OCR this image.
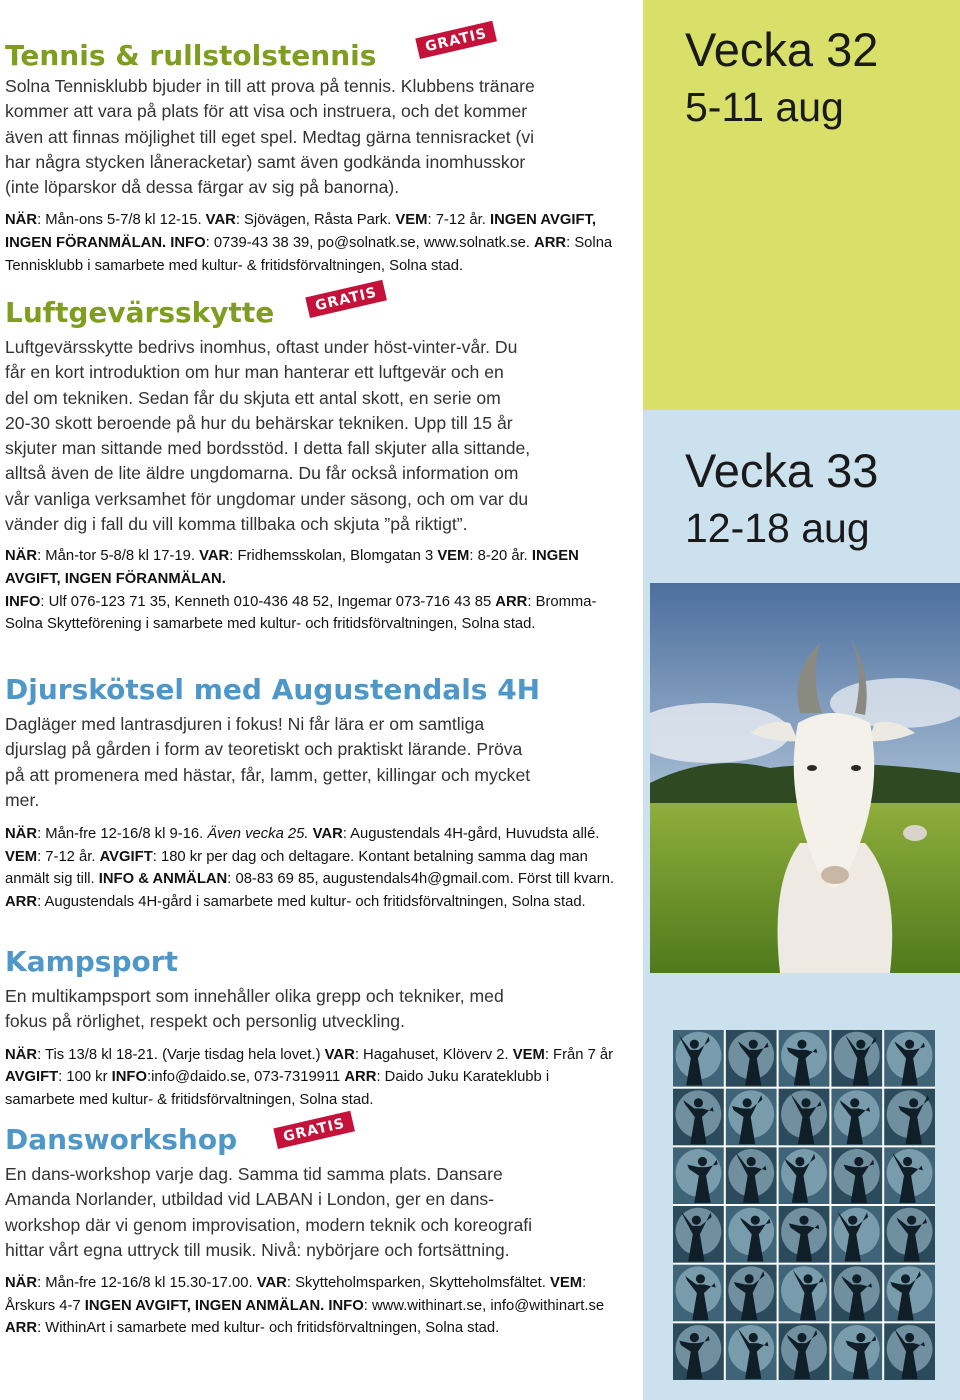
Vecka 32
5-11 aug
Vecka 33
12-18 aug
Tennis & rullstolstennis	GRATIS
Solna Tennisklubb bjuder in till att prova på tennis. Klubbens tränare
kommer att vara på plats för att visa och instruera, och det kommer
även att finnas möjlighet till eget spel. Medtag gärna tennisracket (vi
har några stycken låneracketar) samt även godkända inomhusskor
(inte löparskor då dessa färgar av sig på banorna).

NÄR: Mån-ons 5-7/8 kl 12-15. VAR: Sjövägen, Råsta Park. VEM: 7-12 år. INGEN AVGIFT, INGEN FÖRANMÄLAN. INFO: 0739-43 38 39, po@solnatk.se, www.solnatk.se. ARR: Solna Tennisklubb i samarbete med kultur- & fritidsförvaltningen, Solna stad.

Luftgevärsskytte	GRATIS
Luftgevärsskytte bedrivs inomhus, oftast under höst-vinter-vår. Du
får en kort introduktion om hur man hanterar ett luftgevär och en
del om tekniken. Sedan får du skjuta ett antal skott, en serie om
20-30 skott beroende på hur du behärskar tekniken. Upp till 15 år
skjuter man sittande med bordsstöd. I detta fall skjuter alla sittande,
alltså även de lite äldre ungdomarna. Du får också information om
vår vanliga verksamhet för ungdomar under säsong, och om var du
vänder dig i fall du vill komma tillbaka och skjuta ”på riktigt”.

NÄR: Mån-tor 5-8/8 kl 17-19. VAR: Fridhemsskolan, Blomgatan 3 VEM: 8-20 år. INGEN AVGIFT, INGEN FÖRANMÄLAN.
INFO: Ulf 076-123 71 35, Kenneth 010-436 48 52, Ingemar 073-716 43 85 ARR: Bromma-Solna Skytteförening i samarbete med kultur- och fritidsförvaltningen, Solna stad.

Djurskötsel med Augustendals 4H
Dagläger med lantrasdjuren i fokus! Ni får lära er om samtliga
djurslag på gården i form av teoretiskt och praktiskt lärande. Pröva
på att promenera med hästar, får, lamm, getter, killingar och mycket
mer.

NÄR: Mån-fre 12-16/8 kl 9-16. Även vecka 25. VAR: Augustendals 4H-gård, Huvudsta allé. VEM: 7-12 år. AVGIFT: 180 kr per dag och deltagare. Kontant betalning samma dag man anmält sig till. INFO & ANMÄLAN: 08-83 69 85, augustendals4h@gmail.com. Först till kvarn. ARR: Augustendals 4H-gård i samarbete med kultur- och fritidsförvaltningen, Solna stad.

Kampsport
En multikampsport som innehåller olika grepp och tekniker, med
fokus på rörlighet, respekt och personlig utveckling.

NÄR: Tis 13/8 kl 18-21. (Varje tisdag hela lovet.) VAR: Hagahuset, Klöverv 2. VEM: Från 7 år AVGIFT: 100 kr INFO:info@daido.se, 073-7319911 ARR: Daido Juku Karateklubb i samarbete med kultur- & fritidsförvaltningen, Solna stad.

Dansworkshop	GRATIS
En dans-workshop varje dag. Samma tid samma plats. Dansare
Amanda Norlander, utbildad vid LABAN i London, ger en dans-
workshop där vi genom improvisation, modern teknik och koreografi
hittar vårt egna uttryck till musik. Nivå: nybörjare och fortsättning.

NÄR: Mån-fre 12-16/8 kl 15.30-17.00. VAR: Skytteholmsparken, Skytteholmsfältet. VEM: Årskurs 4-7 INGEN AVGIFT, INGEN ANMÄLAN. INFO: www.withinart.se, info@withinart.se ARR: WithinArt i samarbete med kultur- och fritidsförvaltningen, Solna stad.
